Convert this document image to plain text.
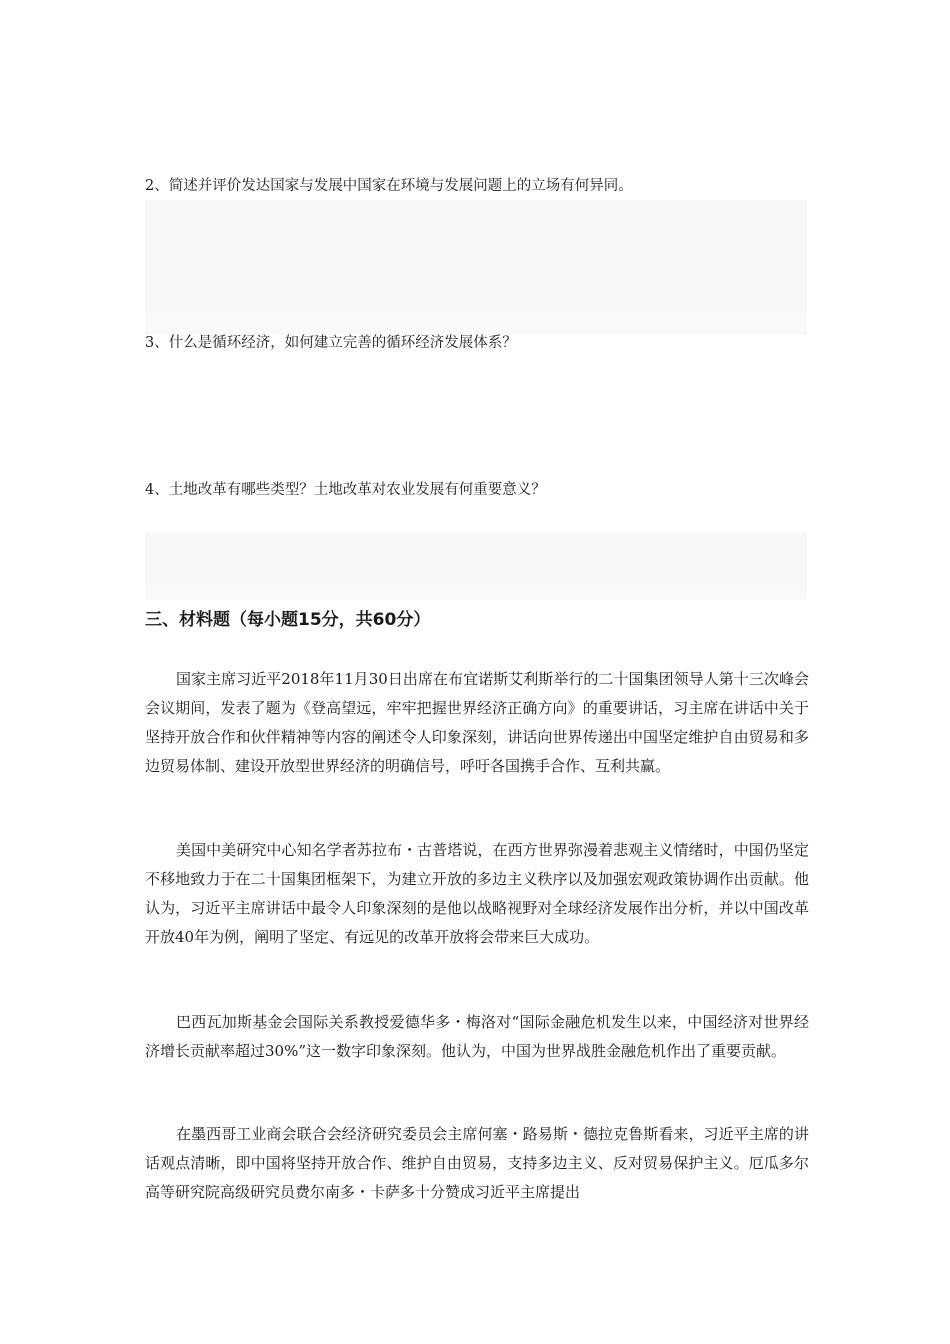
2、简述并评价发达国家与发展中国家在环境与发展问题上的立场有何异同。
3、什么是循环经济，如何建立完善的循环经济发展体系？
4、土地改革有哪些类型？土地改革对农业发展有何重要意义？
三、材料题（每小题15分，共60分）

国家主席习近平2018年11月30日出席在布宜诺斯艾利斯举行的二十国集团领导人第十三次峰会会议期间，发表了题为《登高望远，牢牢把握世界经济正确方向》的重要讲话，习主席在讲话中关于坚持开放合作和伙伴精神等内容的阐述令人印象深刻，讲话向世界传递出中国坚定维护自由贸易和多边贸易体制、建设开放型世界经济的明确信号，呼吁各国携手合作、互利共赢。

美国中美研究中心知名学者苏拉布・古普塔说，在西方世界弥漫着悲观主义情绪时，中国仍坚定不移地致力于在二十国集团框架下，为建立开放的多边主义秩序以及加强宏观政策协调作出贡献。他认为，习近平主席讲话中最令人印象深刻的是他以战略视野对全球经济发展作出分析，并以中国改革开放40年为例，阐明了坚定、有远见的改革开放将会带来巨大成功。

巴西瓦加斯基金会国际关系教授爱德华多・梅洛对“国际金融危机发生以来，中国经济对世界经济增长贡献率超过30%”这一数字印象深刻。他认为，中国为世界战胜金融危机作出了重要贡献。

在墨西哥工业商会联合会经济研究委员会主席何塞・路易斯・德拉克鲁斯看来，习近平主席的讲话观点清晰，即中国将坚持开放合作、维护自由贸易，支持多边主义、反对贸易保护主义。厄瓜多尔高等研究院高级研究员费尔南多・卡萨多十分赞成习近平主席提出
